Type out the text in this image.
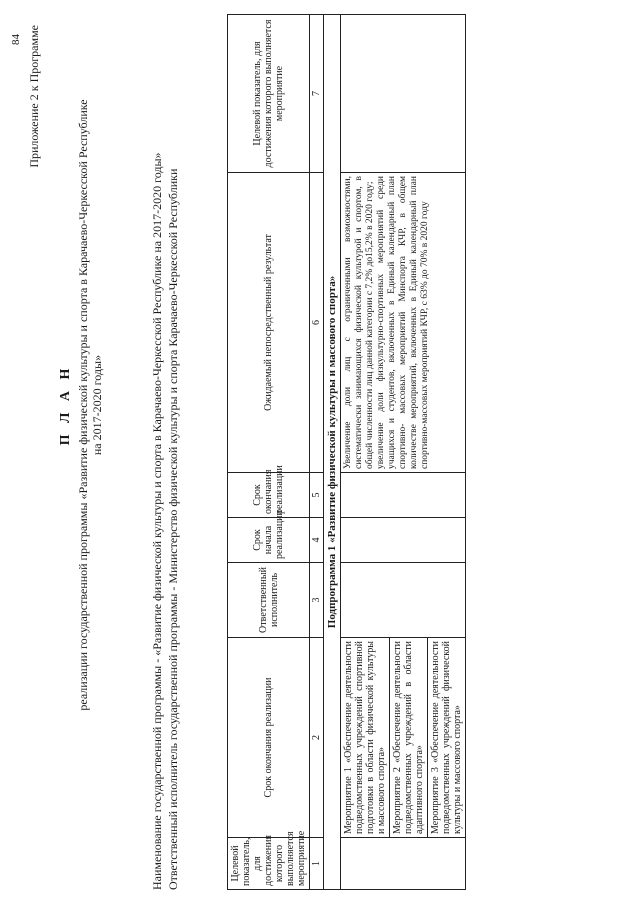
84 Приложение 2 к Программе
П Л А Н реализации государственной программы «Развитие физической культуры и спорта в Карачаево-Черкесской Республике на 2017-2020 годы»	Наименование государственной программы - «Развитие физической культуры и спорта в Карачаево-Черкесской Республике на 2017-2020 годы» Ответственный исполнитель государственной программы - Министерство физической культуры и спорта Карачаево-Черкесской Республики	Целевой показатель, для достижения которого выполняется мероприятие	Срок окончания реализации	Ответственный исполнитель	Срок начала реализации	Срок окончания реализации	Ожидаемый непосредственный результат	Целевой показатель, для достижения которого выполняется мероприятие
1	2	3	4	5	6	7
Подпрограмма 1 «Развитие физической культуры и массового спорта»						
	Мероприятие 1 «Обеспечение деятельности подведомственных учреждений спортивной подготовки в области физической культуры и массового спорта»				Увеличение доли лиц с ограниченными возможностями, систематически занимающихся физической культурой и спортом, в общей численности лиц данной категории с 7,2% до15,2% в 2020 году; увеличение доли физкультурно-спортивных мероприятий среди учащихся и студентов, включенных в Единый календарный план спортивно- массовых мероприятий Минспорта КЧР, в общем количестве мероприятий, включенных в Единый календарный план спортивно-массовых мероприятий КЧР, с 63% до 70% в 2020 году	

	Мероприятие 2 «Обеспечение деятельности подведомственных учреждений в области адаптивного спорта»					
	Мероприятие 3 «Обеспечение деятельности подведомственных учреждений физической культуры и массового спорта»					
